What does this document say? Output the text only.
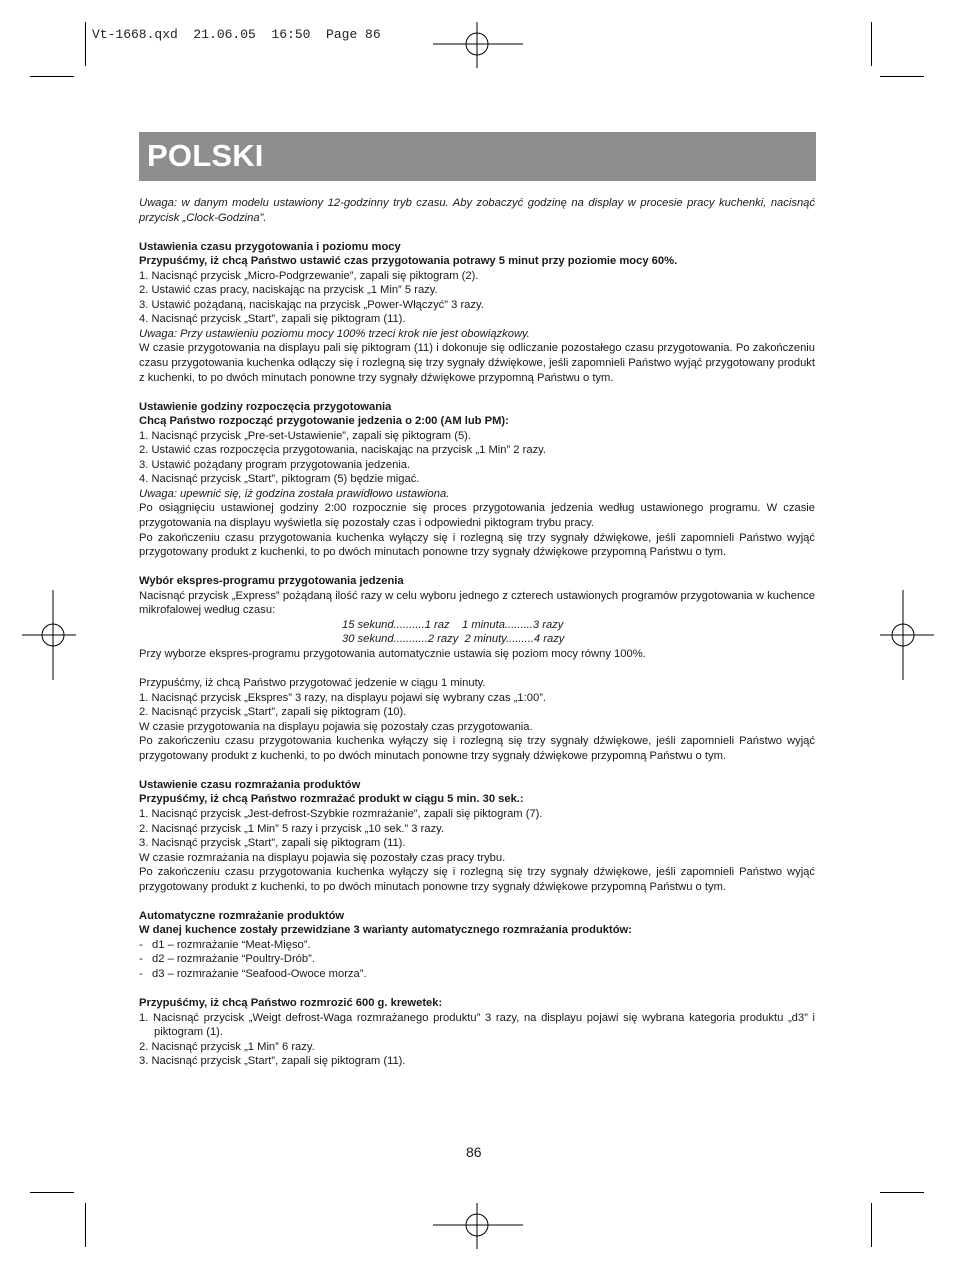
Vt-1668.qxd  21.06.05  16:50  Page 86
POLSKI

Uwaga: w danym modelu ustawiony 12-godzinny tryb czasu. Aby zobaczyć godzinę na display w procesie pracy kuchenki, nacisnąć przycisk „Clock-Godzina”.

Ustawienia czasu przygotowania i poziomu mocy

Przypuśćmy, iż chcą Państwo ustawić czas przygotowania potrawy 5 minut przy poziomie mocy 60%.

1. Nacisnąć przycisk „Micro-Podgrzewanie”, zapali się piktogram (2).

2. Ustawić czas pracy, naciskając na przycisk „1 Min” 5 razy.

3. Ustawić pożądaną, naciskając na przycisk „Power-Włączyć” 3 razy.

4. Nacisnąć przycisk „Start”, zapali się piktogram (11).

Uwaga: Przy ustawieniu poziomu mocy 100% trzeci krok nie jest obowiązkowy.

W czasie przygotowania na displayu pali się piktogram (11) i dokonuje się odliczanie pozostałego czasu przygotowania. Po zakończeniu czasu przygotowania kuchenka odłączy się i rozlegną się trzy sygnały dźwiękowe, jeśli zapomnieli Państwo wyjąć przygotowany produkt z kuchenki, to po dwóch minutach ponowne trzy sygnały dźwiękowe przypomną Państwu o tym.

Ustawienie godziny rozpoczęcia przygotowania

Chcą Państwo rozpocząć przygotowanie jedzenia o 2:00 (AM lub PM):

1. Nacisnąć przycisk „Pre-set-Ustawienie”, zapali się piktogram (5).

2. Ustawić czas rozpoczęcia przygotowania, naciskając na przycisk „1 Min” 2 razy.

3. Ustawić pożądany program przygotowania jedzenia.

4. Nacisnąć przycisk „Start”, piktogram (5) będzie migać.

Uwaga: upewnić się, iż godzina została prawidłowo ustawiona.

Po osiągnięciu ustawionej godziny 2:00 rozpocznie się proces przygotowania jedzenia według ustawionego programu. W czasie przygotowania na displayu wyświetla się pozostały czas i odpowiedni piktogram trybu pracy.

Po zakończeniu czasu przygotowania kuchenka wyłączy się i rozlegną się trzy sygnały dźwiękowe, jeśli zapomnieli Państwo wyjąć przygotowany produkt z kuchenki, to po dwóch minutach ponowne trzy sygnały dźwiękowe przypomną Państwu o tym.

Wybór ekspres-programu przygotowania jedzenia

Nacisnąć przycisk „Express” pożądaną ilość razy w celu wyboru jednego z czterech ustawionych programów przygotowania w kuchence mikrofalowej według czasu:

15 sekund..........1 raz    1 minuta.........3 razy

30 sekund...........2 razy  2 minuty.........4 razy

Przy wyborze ekspres-programu przygotowania automatycznie ustawia się poziom mocy równy 100%.

Przypuśćmy, iż chcą Państwo przygotować jedzenie w ciągu 1 minuty.

1. Nacisnąć przycisk „Ekspres” 3 razy, na displayu pojawi się wybrany czas „1:00”.

2. Nacisnąć przycisk „Start”, zapali się piktogram (10).

W czasie przygotowania na displayu pojawia się pozostały czas przygotowania.

Po zakończeniu czasu przygotowania kuchenka wyłączy się i rozlegną się trzy sygnały dźwiękowe, jeśli zapomnieli Państwo wyjąć przygotowany produkt z kuchenki, to po dwóch minutach ponowne trzy sygnały dźwiękowe przypomną Państwu o tym.

Ustawienie czasu rozmrażania produktów

Przypuśćmy, iż chcą Państwo rozmrażać produkt w ciągu 5 min. 30 sek.:

1. Nacisnąć przycisk „Jest-defrost-Szybkie rozmrażanie”, zapali się piktogram (7).

2. Nacisnąć przycisk „1 Min” 5 razy i przycisk „10 sek.” 3 razy.

3. Nacisnąć przycisk „Start”, zapali się piktogram (11).

W czasie rozmrażania na displayu pojawia się pozostały czas pracy trybu.

Po zakończeniu czasu przygotowania kuchenka wyłączy się i rozlegną się trzy sygnały dźwiękowe, jeśli zapomnieli Państwo wyjąć przygotowany produkt z kuchenki, to po dwóch minutach ponowne trzy sygnały dźwiękowe przypomną Państwu o tym.

Automatyczne rozmrażanie produktów

W danej kuchence zostały przewidziane 3 warianty automatycznego rozmrażania produktów:

-   d1 – rozmrażanie “Meat-Mięso”.

-   d2 – rozmrażanie “Poultry-Drób”.

-   d3 – rozmrażanie “Seafood-Owoce morza”.

Przypuśćmy, iż chcą Państwo rozmrozić 600 g. krewetek:

1. Nacisnąć przycisk „Weigt defrost-Waga rozmrażanego produktu” 3 razy, na displayu pojawi się wybrana kategoria produktu „d3” i piktogram (1).

2. Nacisnąć przycisk „1 Min” 6 razy.

3. Nacisnąć przycisk „Start”, zapali się piktogram (11).

86
